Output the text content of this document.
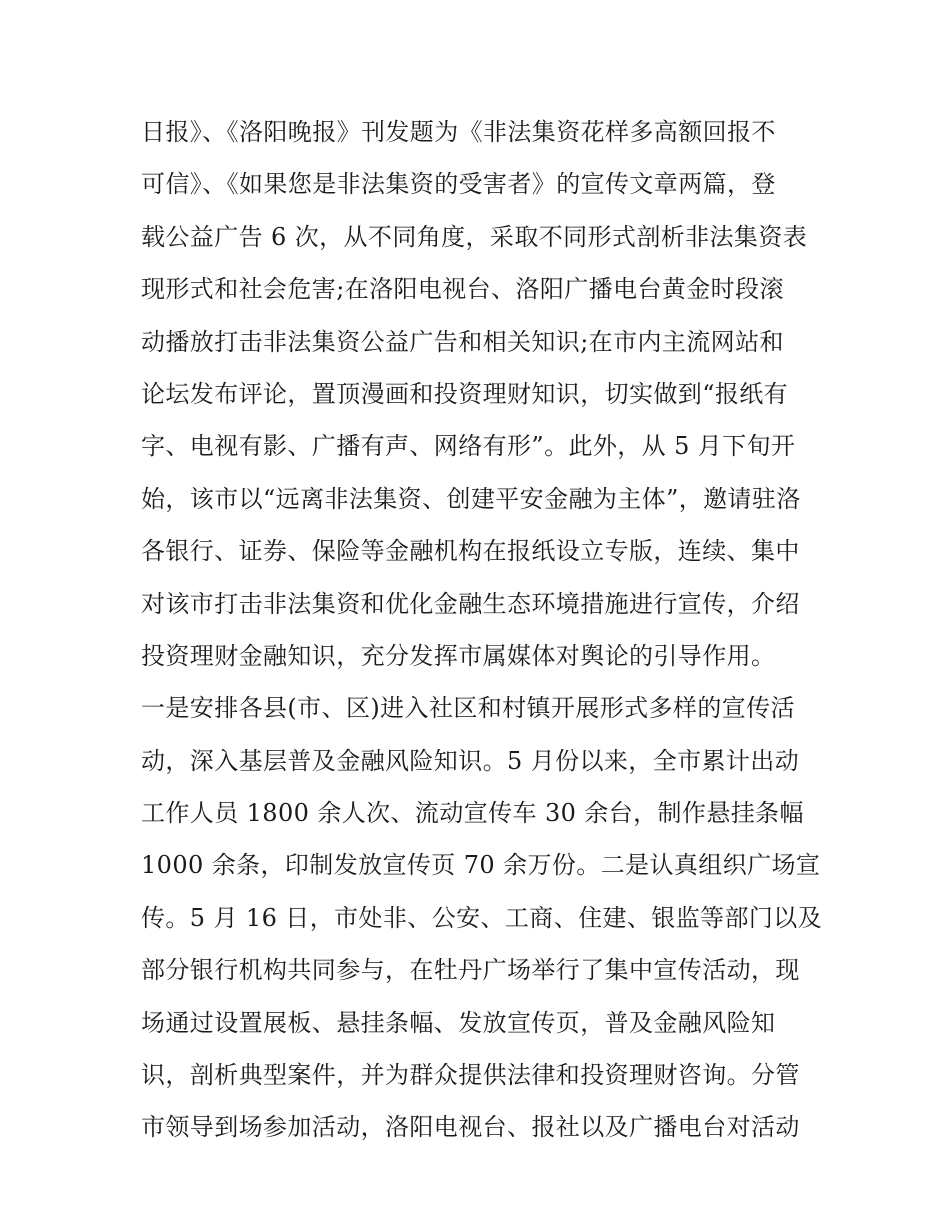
日报》、《洛阳晚报》刊发题为《非法集资花样多高额回报不
可信》、《如果您是非法集资的受害者》的宣传文章两篇，登
载公益广告 6 次，从不同角度，采取不同形式剖析非法集资表
现形式和社会危害;在洛阳电视台、洛阳广播电台黄金时段滚
动播放打击非法集资公益广告和相关知识;在市内主流网站和
论坛发布评论，置顶漫画和投资理财知识，切实做到“报纸有
字、电视有影、广播有声、网络有形”。此外，从 5 月下旬开
始，该市以“远离非法集资、创建平安金融为主体”，邀请驻洛
各银行、证券、保险等金融机构在报纸设立专版，连续、集中
对该市打击非法集资和优化金融生态环境措施进行宣传，介绍
投资理财金融知识，充分发挥市属媒体对舆论的引导作用。
一是安排各县(市、区)进入社区和村镇开展形式多样的宣传活
动，深入基层普及金融风险知识。5 月份以来，全市累计出动
工作人员 1800 余人次、流动宣传车 30 余台，制作悬挂条幅
1000 余条，印制发放宣传页 70 余万份。二是认真组织广场宣
传。5 月 16 日，市处非、公安、工商、住建、银监等部门以及
部分银行机构共同参与，在牡丹广场举行了集中宣传活动，现
场通过设置展板、悬挂条幅、发放宣传页，普及金融风险知
识，剖析典型案件，并为群众提供法律和投资理财咨询。分管
市领导到场参加活动，洛阳电视台、报社以及广播电台对活动
